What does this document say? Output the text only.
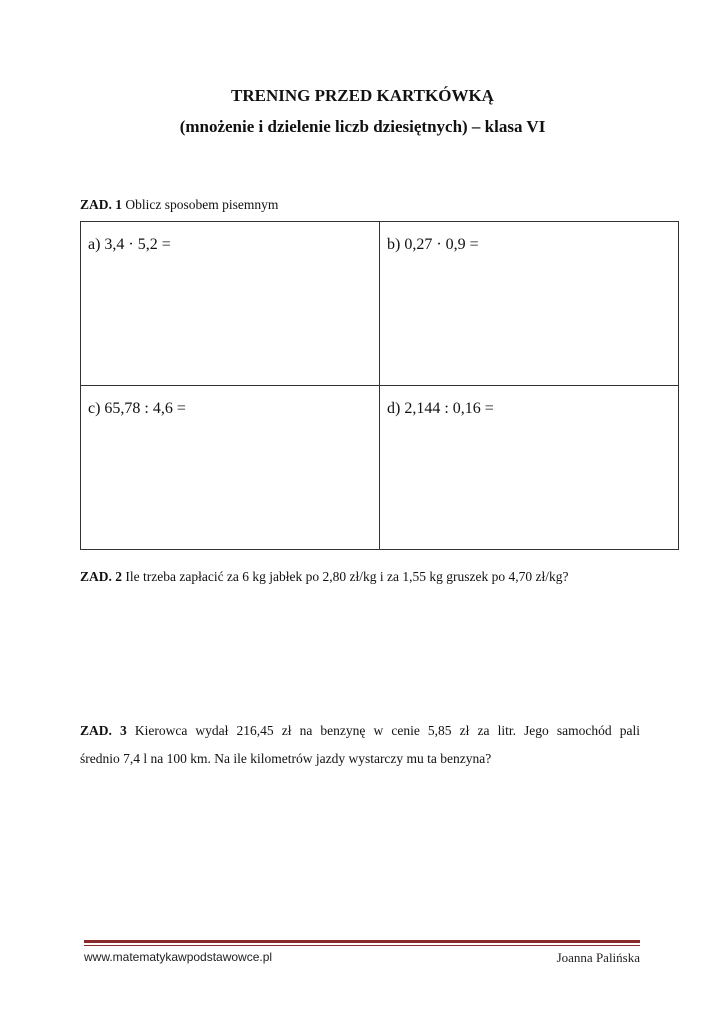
TRENING PRZED KARTKÓWKĄ
(mnożenie i dzielenie liczb dziesiętnych) – klasa VI
ZAD. 1 Oblicz sposobem pisemnym
a) 3,4 · 5,2 =	b) 0,27 · 0,9 =
c) 65,78 : 4,6 =	d) 2,144 : 0,16 =
ZAD. 2 Ile trzeba zapłacić za 6 kg jabłek po 2,80 zł/kg i za 1,55 kg gruszek po 4,70 zł/kg?
ZAD. 3 Kierowca wydał 216,45 zł na benzynę w cenie 5,85 zł za litr. Jego samochód pali
średnio 7,4 l na 100 km. Na ile kilometrów jazdy wystarczy mu ta benzyna?
www.matematykawpodstawowce.pl	Joanna Palińska
